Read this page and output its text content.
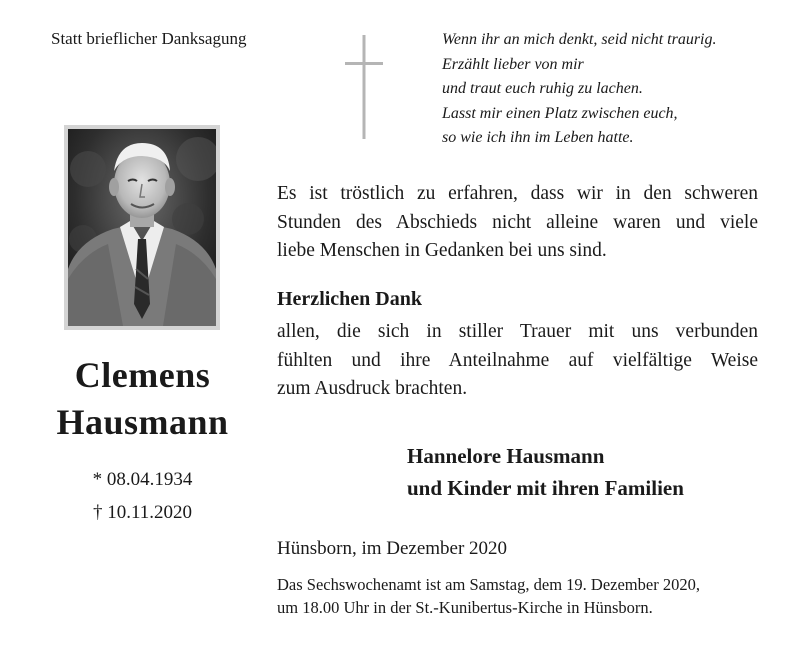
Statt brieflicher Danksagung	Wenn ihr an mich denkt, seid nicht traurig.
Erzählt lieber von mir
und traut euch ruhig zu lachen.
Lasst mir einen Platz zwischen euch,
so wie ich ihn im Leben hatte.
Clemens
Hausmann
* 08.04.1934
† 10.11.2020
Es ist tröstlich zu erfahren, dass wir in den schweren
Stunden des Abschieds nicht alleine waren und viele
liebe Menschen in Gedanken bei uns sind.
Herzlichen Dank
allen, die sich in stiller Trauer mit uns verbunden
fühlten und ihre Anteilnahme auf vielfältige Weise
zum Ausdruck brachten.
Hannelore Hausmann
und Kinder mit ihren Familien
Hünsborn, im Dezember 2020
Das Sechswochenamt ist am Samstag, dem 19. Dezember 2020,
um 18.00 Uhr in der St.-Kunibertus-Kirche in Hünsborn.
